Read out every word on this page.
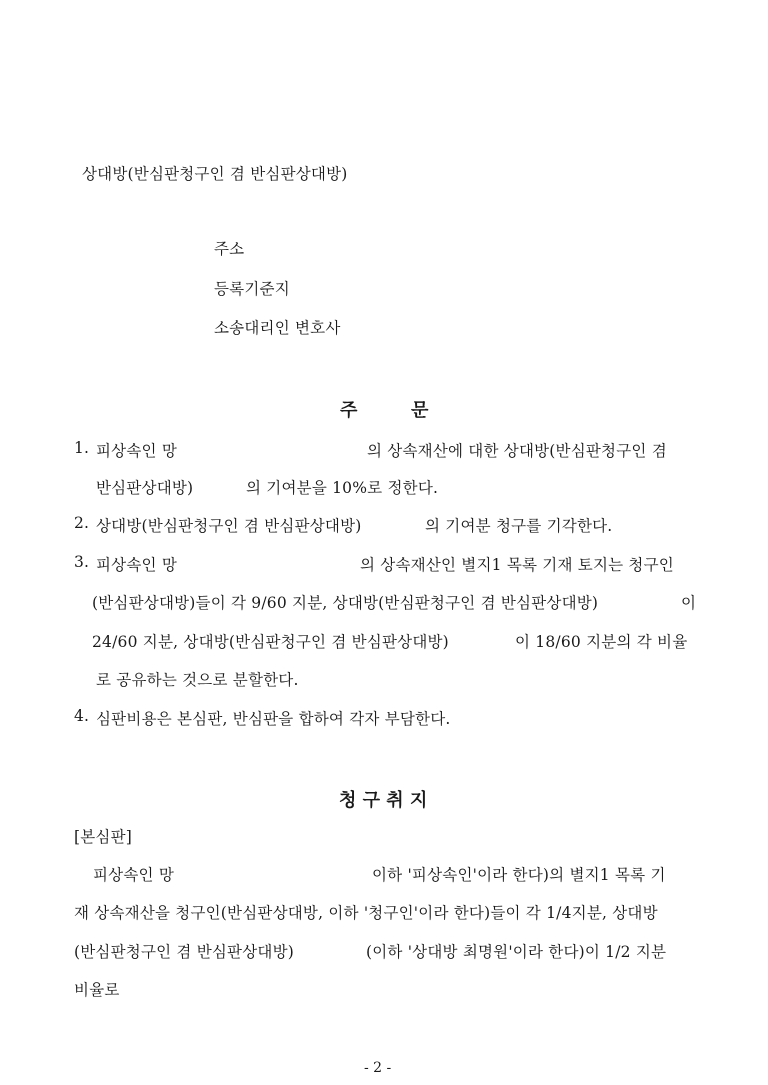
상대방(반심판청구인 겸 반심판상대방)
주소
등록기준지
소송대리인 변호사
주	문
1. 피상속인 망	의 상속재산에 대한 상대방(반심판청구인 겸
반심판상대방)	의 기여분을 10%로 정한다.
2. 상대방(반심판청구인 겸 반심판상대방)	의 기여분 청구를 기각한다.
3. 피상속인 망	의 상속재산인 별지1 목록 기재 토지는 청구인
(반심판상대방)들이 각 9/60 지분, 상대방(반심판청구인 겸 반심판상대방)	이
24/60 지분, 상대방(반심판청구인 겸 반심판상대방)	이 18/60 지분의 각 비율
로 공유하는 것으로 분할한다.
4. 심판비용은 본심판, 반심판을 합하여 각자 부담한다.
청 구 취 지
[본심판]
피상속인 망	이하 '피상속인'이라 한다)의 별지1 목록 기
재 상속재산을 청구인(반심판상대방, 이하 '청구인'이라 한다)들이 각 1/4지분, 상대방
(반심판청구인 겸 반심판상대방)	(이하 '상대방 최명원'이라 한다)이 1/2 지분
비율로
- 2 -
